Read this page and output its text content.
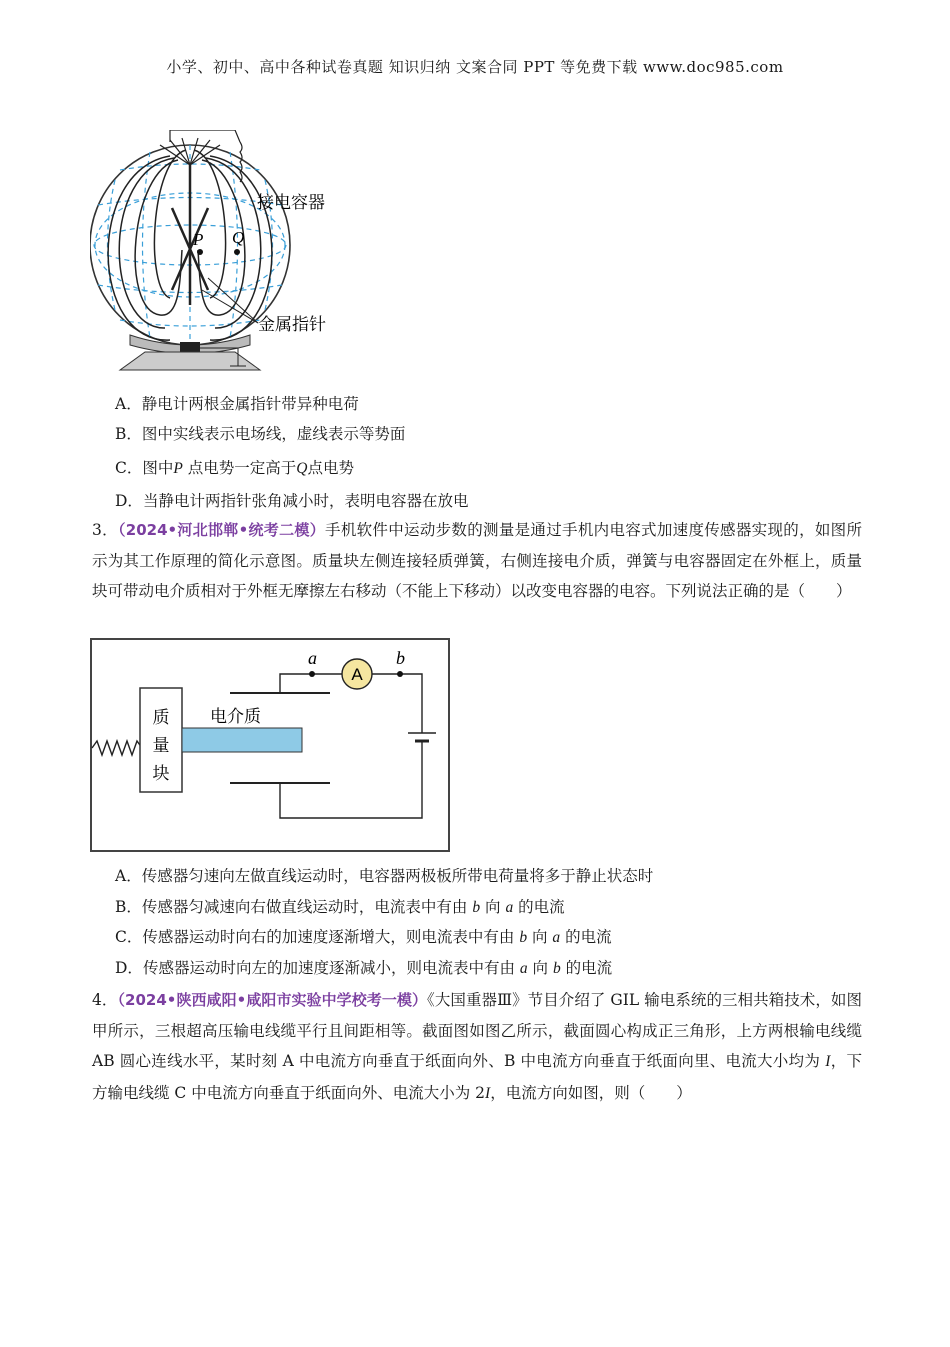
小学、初中、高中各种试卷真题 知识归纳 文案合同 PPT 等免费下载 www.doc985.com
接电容器
金属指针
P Q
A．静电计两根金属指针带异种电荷
B．图中实线表示电场线，虚线表示等势面
C．图中P 点电势一定高于Q点电势
D．当静电计两指针张角减小时，表明电容器在放电
3．（2024•河北邯郸•统考二模）手机软件中运动步数的测量是通过手机内电容式加速度传感器实现的，如图所示为其工作原理的简化示意图。质量块左侧连接轻质弹簧，右侧连接电介质，弹簧与电容器固定在外框上，质量块可带动电介质相对于外框无摩擦左右移动（不能上下移动）以改变电容器的电容。下列说法正确的是（　　）
质
量
块
电介质
A
a	b
A．传感器匀速向左做直线运动时，电容器两极板所带电荷量将多于静止状态时
B．传感器匀减速向右做直线运动时，电流表中有由 b 向 a 的电流
C．传感器运动时向右的加速度逐渐增大，则电流表中有由 b 向 a 的电流
D．传感器运动时向左的加速度逐渐减小，则电流表中有由 a 向 b 的电流
4．（2024•陕西咸阳•咸阳市实验中学校考一模）《大国重器Ⅲ》节目介绍了 GIL 输电系统的三相共箱技术，如图甲所示，三根超高压输电线缆平行且间距相等。截面图如图乙所示，截面圆心构成正三角形，上方两根输电线缆 AB 圆心连线水平，某时刻 A 中电流方向垂直于纸面向外、B 中电流方向垂直于纸面向里、电流大小均为 I，下方输电线缆 C 中电流方向垂直于纸面向外、电流大小为 2I，电流方向如图，则（　　）
